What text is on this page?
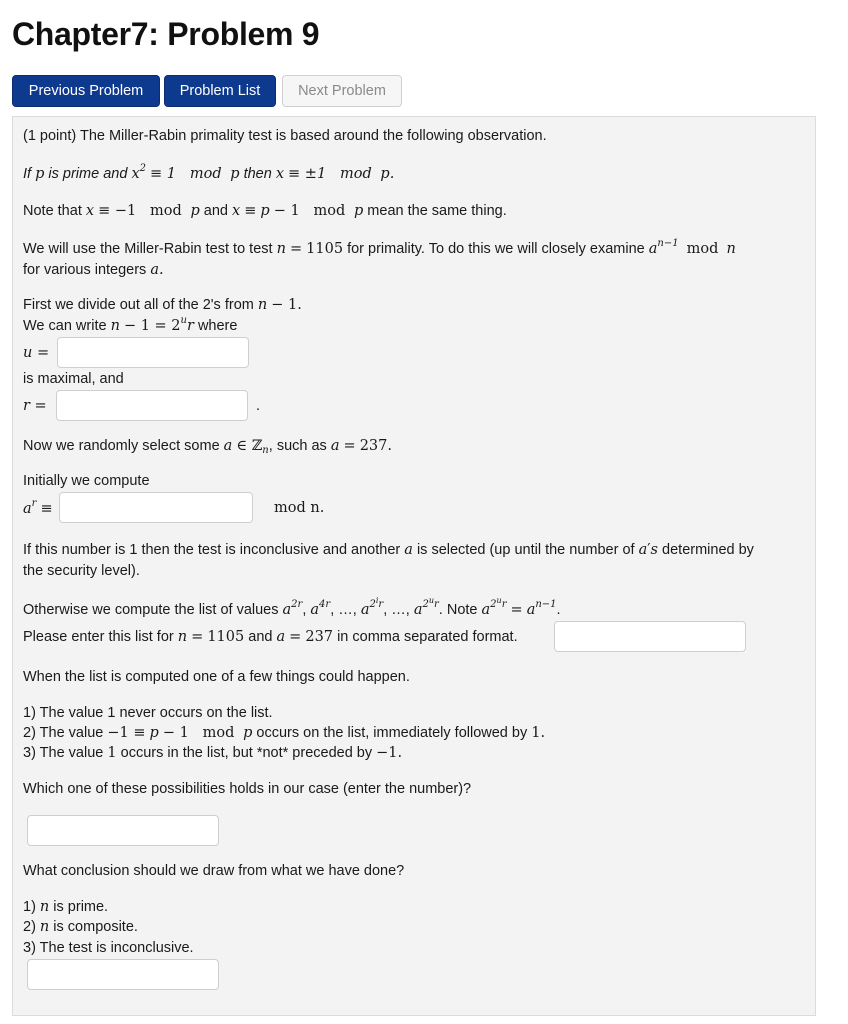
Chapter7: Problem 9
Previous Problem	Problem List	Next Problem
(1 point) The Miller-Rabin primality test is based around the following observation.
If p is prime and $x^2 \equiv 1$   mod  p then x ≡ ±1   mod  p.
Note that x ≡ −1   mod  p and x ≡ p − 1   mod  p mean the same thing.
We will use the Miller-Rabin test to test n = 1105 for primality. To do this we will closely examine $a^{n-1}$ mod n
for various integers a.
First we divide out all of the 2's from n − 1.
We can write $n - 1 = 2^ur$ where
u =
is maximal, and
r =	.
Now we randomly select some a ∈ ℤ$_n$, such as a = 237.
Initially we compute
$a^r$ ≡	mod n.
If this number is 1 then the test is inconclusive and another a is selected (up until the number of a′s determined by
the security level).
Otherwise we compute the list of values $a^{2r}$, $a^{4r}$, …, $a^{2^ir}$, …, $a^{2^ur}$. Note $a^{2^ur} = a^{n-1}$.
Please enter this list for n = 1105 and a = 237 in comma separated format.
When the list is computed one of a few things could happen.
1) The value 1 never occurs on the list.
2) The value −1 ≡ p − 1   mod  p occurs on the list, immediately followed by 1.
3) The value 1 occurs in the list, but *not* preceded by −1.
Which one of these possibilities holds in our case (enter the number)?
What conclusion should we draw from what we have done?
1) n is prime.
2) n is composite.
3) The test is inconclusive.
